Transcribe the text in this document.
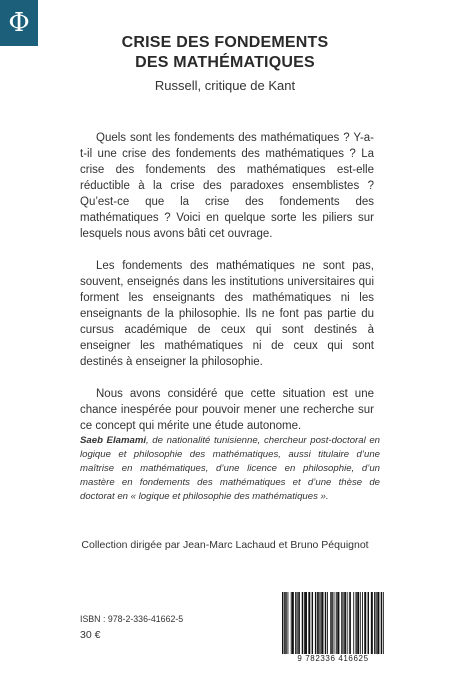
Φ
CRISE DES FONDEMENTS
DES MATHÉMATIQUES
Russell, critique de Kant

Quels sont les fondements des mathématiques ? Y-a-t-il une crise des fondements des mathématiques ? La crise des fondements des mathématiques est-elle réductible à la crise des paradoxes ensemblistes ? Qu’est-ce que la crise des fondements des mathématiques ? Voici en quelque sorte les piliers sur lesquels nous avons bâti cet ouvrage.

Les fondements des mathématiques ne sont pas, souvent, enseignés dans les institutions universitaires qui forment les enseignants des mathématiques ni les enseignants de la philosophie. Ils ne font pas partie du cursus académique de ceux qui sont destinés à enseigner les mathématiques ni de ceux qui sont destinés à enseigner la philosophie.

Nous avons considéré que cette situation est une chance inespérée pour pouvoir mener une recherche sur ce concept qui mérite une étude autonome.

Saeb Elamami, de nationalité tunisienne, chercheur post-doctoral en logique et philosophie des mathématiques, aussi titulaire d’une maîtrise en mathématiques, d’une licence en philosophie, d’un mastère en fondements des mathématiques et d’une thèse de doctorat en « logique et philosophie des mathématiques ».
Collection dirigée par Jean-Marc Lachaud et Bruno Péquignot
ISBN : 978-2-336-41662-5
30 €
9 782336 416625
